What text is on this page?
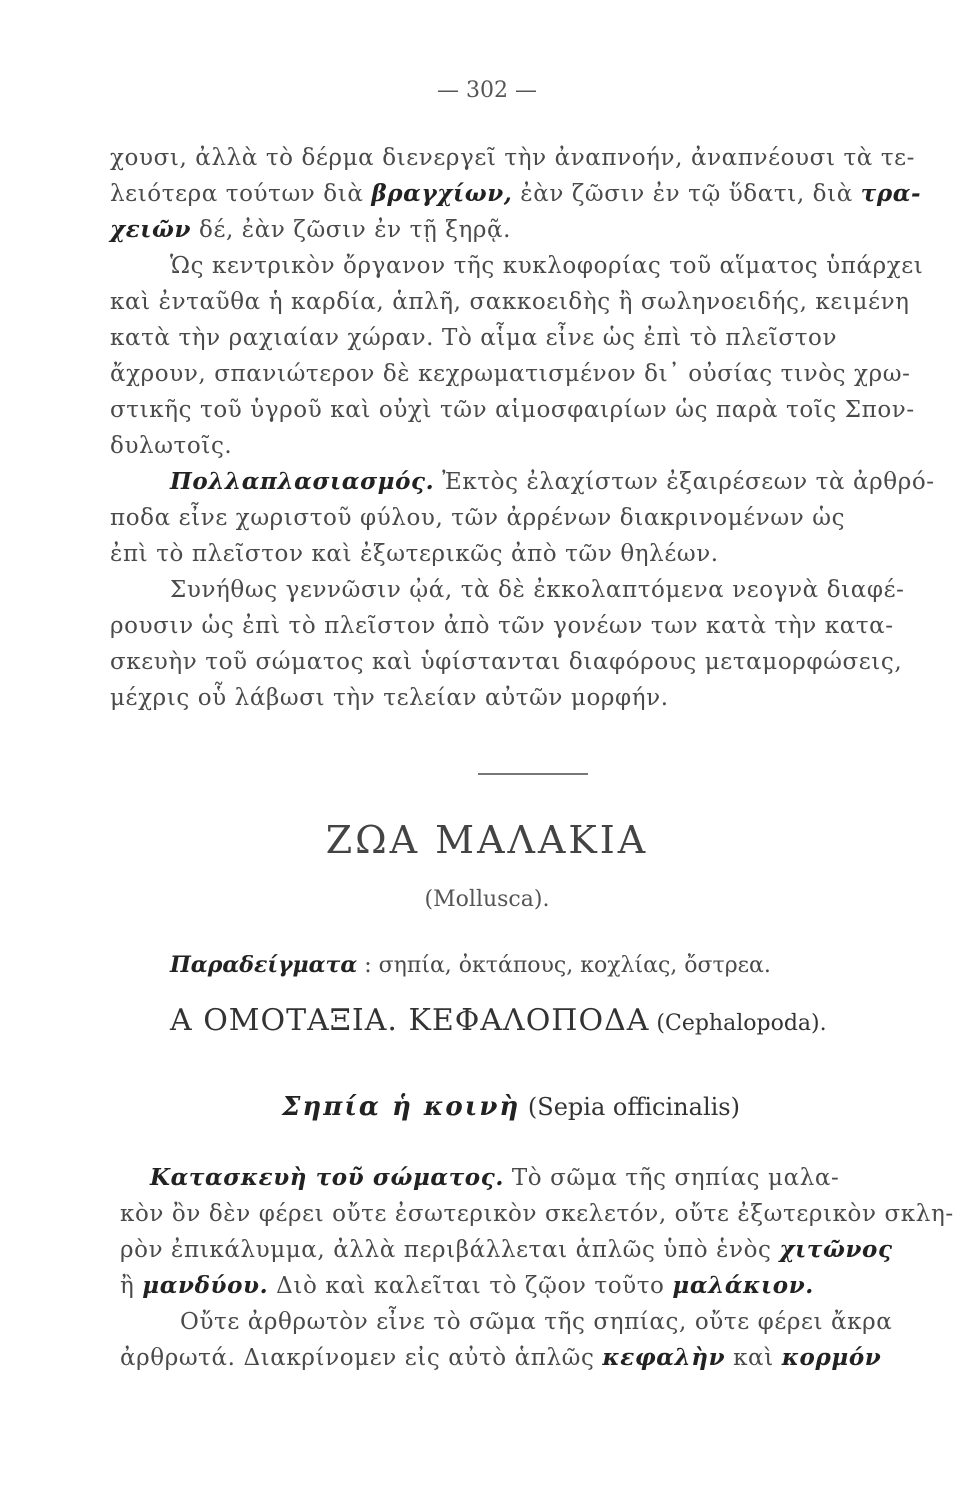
— 302 —
χουσι, ἀλλὰ τὸ δέρμα διενεργεῖ τὴν ἀναπνοήν, ἀναπνέουσι τὰ τε-
λειότερα τούτων διὰ βραγχίων, ἐὰν ζῶσιν ἐν τῷ ὕδατι, διὰ τρα-
χειῶν δέ, ἐὰν ζῶσιν ἐν τῇ ξηρᾷ.
Ὡς κεντρικὸν ὄργανον τῆς κυκλοφορίας τοῦ αἵματος ὑπάρχει
καὶ ἐνταῦθα ἡ καρδία, ἁπλῆ, σακκοειδὴς ἢ σωληνοειδής, κειμένη
κατὰ τὴν ραχιαίαν χώραν. Τὸ αἷμα εἶνε ὡς ἐπὶ τὸ πλεῖστον
ἄχρουν, σπανιώτερον δὲ κεχρωματισμένον δι᾽ οὐσίας τινὸς χρω-
στικῆς τοῦ ὑγροῦ καὶ οὐχὶ τῶν αἱμοσφαιρίων ὡς παρὰ τοῖς Σπον-
δυλωτοῖς.
Πολλαπλασιασμός. Ἐκτὸς ἐλαχίστων ἐξαιρέσεων τὰ ἀρθρό-
ποδα εἶνε χωριστοῦ φύλου, τῶν ἀρρένων διακρινομένων ὡς
ἐπὶ τὸ πλεῖστον καὶ ἐξωτερικῶς ἀπὸ τῶν θηλέων.
Συνήθως γεννῶσιν ᾠά, τὰ δὲ ἐκκολαπτόμενα νεογνὰ διαφέ-
ρουσιν ὡς ἐπὶ τὸ πλεῖστον ἀπὸ τῶν γονέων των κατὰ τὴν κατα-
σκευὴν τοῦ σώματος καὶ ὑφίστανται διαφόρους μεταμορφώσεις,
μέχρις οὗ λάβωσι τὴν τελείαν αὐτῶν μορφήν.
ΖΩΑ ΜΑΛΑΚΙΑ
(Mollusca).
Παραδείγματα : σηπία, ὀκτάπους, κοχλίας, ὄστρεα.
Α ΟΜΟΤΑΞΙΑ. ΚΕΦΑΛΟΠΟΔΑ (Cephalopoda).
Σηπία ἡ κοινὴ (Sepia officinalis)
Κατασκευὴ τοῦ σώματος. Τὸ σῶμα τῆς σηπίας μαλα-
κὸν ὂν δὲν φέρει οὔτε ἐσωτερικὸν σκελετόν, οὔτε ἐξωτερικὸν σκλη-
ρὸν ἐπικάλυμμα, ἀλλὰ περιβάλλεται ἁπλῶς ὑπὸ ἑνὸς χιτῶνος
ἢ μανδύου. Διὸ καὶ καλεῖται τὸ ζῷον τοῦτο μαλάκιον.
Οὔτε ἀρθρωτὸν εἶνε τὸ σῶμα τῆς σηπίας, οὔτε φέρει ἄκρα
ἀρθρωτά. Διακρίνομεν εἰς αὐτὸ ἁπλῶς κεφαλὴν καὶ κορμόν
